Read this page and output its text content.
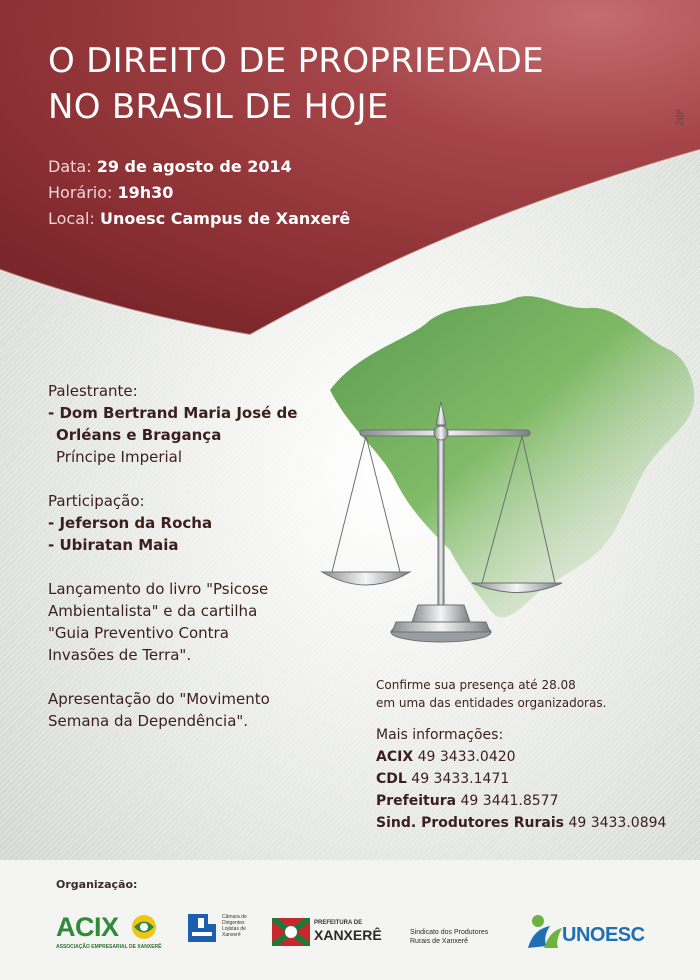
O DIREITO DE PROPRIEDADE
NO BRASIL DE HOJE
Data: 29 de agosto de 2014
Horário: 19h30
Local: Unoesc Campus de Xanxerê
20P
Palestrante:
- Dom Bertrand Maria José de
Orléans e Bragança
Príncipe Imperial
Participação:
- Jeferson da Rocha
- Ubiratan Maia
Lançamento do livro "Psicose
Ambientalista" e da cartilha
"Guia Preventivo Contra
Invasões de Terra".
Apresentação do "Movimento
Semana da Dependência".
Confirme sua presença até 28.08
em uma das entidades organizadoras.
Mais informações:
ACIX 49 3433.0420
CDL 49 3433.1471
Prefeitura 49 3441.8577
Sind. Produtores Rurais 49 3433.0894
Organização:
ACIX
ASSOCIAÇÃO EMPRESARIAL DE XANXERÊ
Câmara de
Dirigentes
Lojistas de
Xanxerê
PREFEITURA DE
XANXERÊ	Sindicato dos Produtores
Rurais de Xanxerê	UNOESC
